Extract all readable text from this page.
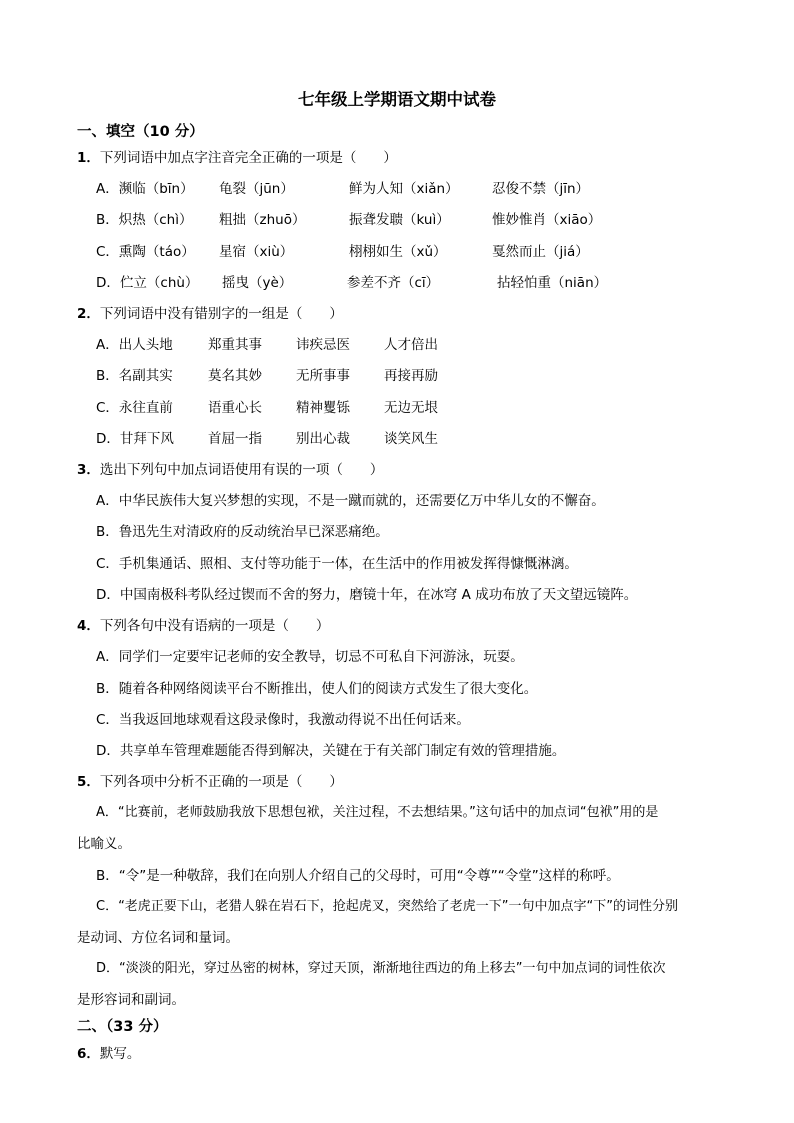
七年级上学期语文期中试卷
一、填空（10 分）
1．下列词语中加点字注音完全正确的一项是（　　）
A．濒临（bīn） 龟裂（jūn）	鲜为人知（xiǎn） 忍俊不禁（jīn）
B．炽热（chì） 粗拙（zhuō）	振聋发聩（kuì）	惟妙惟肖（xiāo）
C．熏陶（táo） 星宿（xiù）	栩栩如生（xǔ）	戛然而止（jiá）
D．伫立（chù） 摇曳（yè）	参差不齐（cī）	拈轻怕重（niān）
2．下列词语中没有错别字的一组是（　　）
A．出人头地	郑重其事	讳疾忌医	人才倍出
B．名副其实	莫名其妙	无所事事	再接再励
C．永往直前	语重心长	精神矍铄	无边无垠
D．甘拜下风	首屈一指	别出心裁	谈笑风生
3．选出下列句中加点词语使用有误的一项（　　）
A．中华民族伟大复兴梦想的实现，不是一蹴而就的，还需要亿万中华儿女的不懈奋。
B．鲁迅先生对清政府的反动统治早已深恶痛绝。
C．手机集通话、照相、支付等功能于一体，在生活中的作用被发挥得慷慨淋漓。
D．中国南极科考队经过锲而不舍的努力，磨镜十年，在冰穹 A 成功布放了天文望远镜阵。
4．下列各句中没有语病的一项是（　　）
A．同学们一定要牢记老师的安全教导，切忌不可私自下河游泳，玩耍。
B．随着各种网络阅读平台不断推出，使人们的阅读方式发生了很大变化。
C．当我返回地球观看这段录像时，我激动得说不出任何话来。
D．共享单车管理难题能否得到解决，关键在于有关部门制定有效的管理措施。
5．下列各项中分析不正确的一项是（　　）
A．“比赛前，老师鼓励我放下思想包袱，关注过程，不去想结果。”这句话中的加点词“包袱”用的是
比喻义。
B．“令”是一种敬辞，我们在向别人介绍自己的父母时，可用“令尊”“令堂”这样的称呼。
C．“老虎正要下山，老猎人躲在岩石下，抢起虎叉，突然给了老虎一下”一句中加点字“下”的词性分别
是动词、方位名词和量词。
D．“淡淡的阳光，穿过丛密的树林，穿过天顶，渐渐地往西边的角上移去”一句中加点词的词性依次
是形容词和副词。
二、（33 分）
6．默写。
